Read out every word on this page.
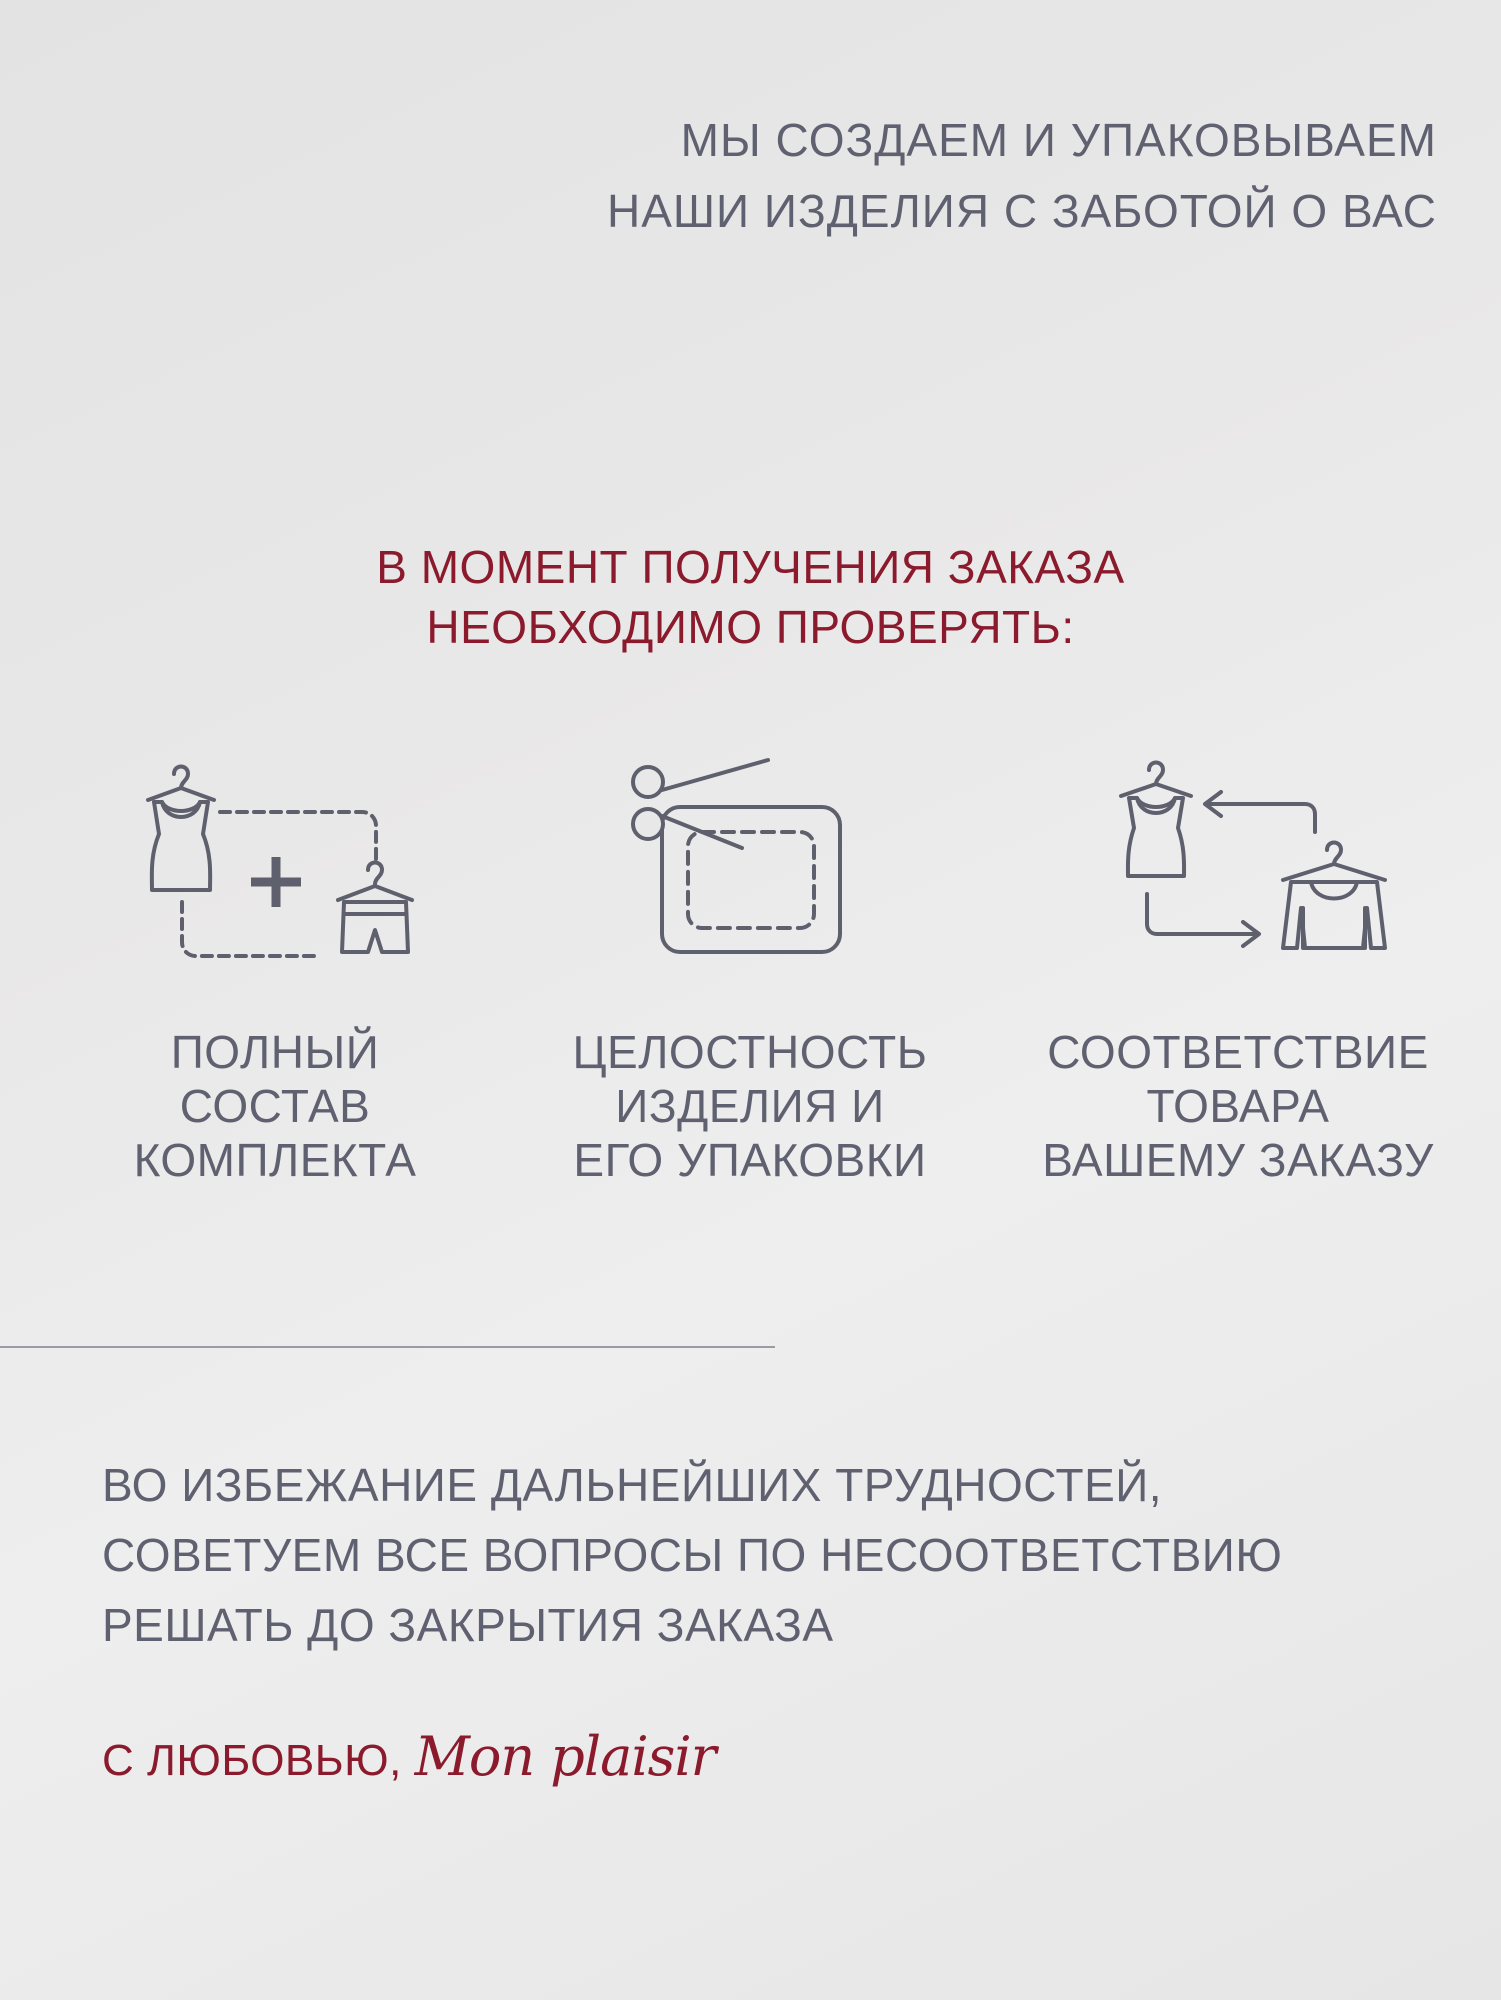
МЫ СОЗДАЕМ И УПАКОВЫВАЕМ
НАШИ ИЗДЕЛИЯ С ЗАБОТОЙ О ВАС
В МОМЕНТ ПОЛУЧЕНИЯ ЗАКАЗА
НЕОБХОДИМО ПРОВЕРЯТЬ:
ПОЛНЫЙ
СОСТАВ
КОМПЛЕКТА
ЦЕЛОСТНОСТЬ
ИЗДЕЛИЯ И
ЕГО УПАКОВКИ
СООТВЕТСТВИЕ
ТОВАРА
ВАШЕМУ ЗАКАЗУ
ВО ИЗБЕЖАНИЕ ДАЛЬНЕЙШИХ ТРУДНОСТЕЙ,
СОВЕТУЕМ ВСЕ ВОПРОСЫ ПО НЕСООТВЕТСТВИЮ
РЕШАТЬ ДО ЗАКРЫТИЯ ЗАКАЗА
С ЛЮБОВЬЮ, Mon plaisir
